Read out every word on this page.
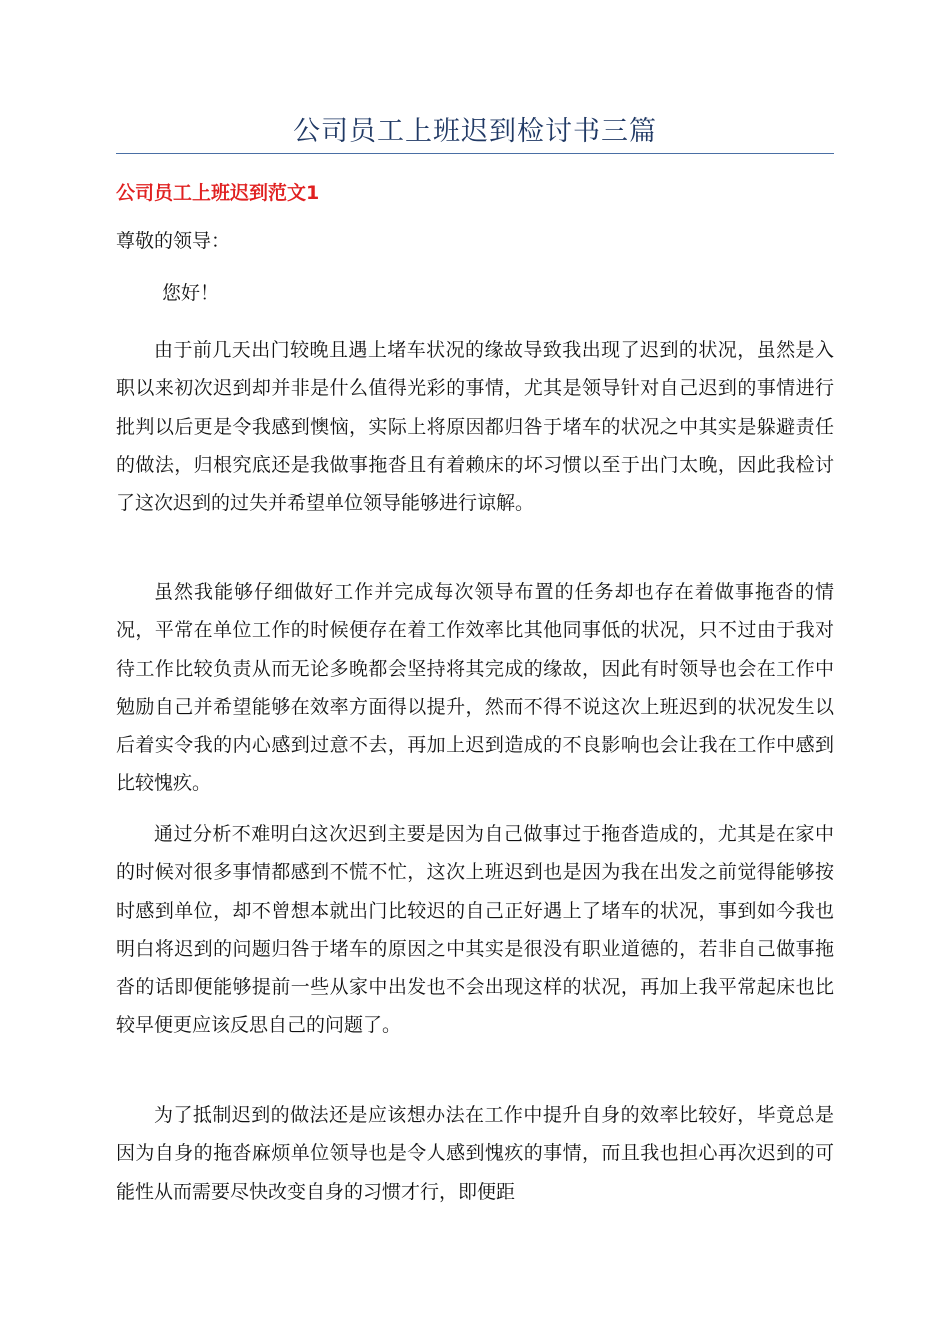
公司员工上班迟到检讨书三篇
公司员工上班迟到范文1
尊敬的领导：
您好！

由于前几天出门较晚且遇上堵车状况的缘故导致我出现了迟到的状况，虽然是入职以来初次迟到却并非是什么值得光彩的事情，尤其是领导针对自己迟到的事情进行批判以后更是令我感到懊恼，实际上将原因都归咎于堵车的状况之中其实是躲避责任的做法，归根究底还是我做事拖沓且有着赖床的坏习惯以至于出门太晚，因此我检讨了这次迟到的过失并希望单位领导能够进行谅解。

虽然我能够仔细做好工作并完成每次领导布置的任务却也存在着做事拖沓的情况，平常在单位工作的时候便存在着工作效率比其他同事低的状况，只不过由于我对待工作比较负责从而无论多晚都会坚持将其完成的缘故，因此有时领导也会在工作中勉励自己并希望能够在效率方面得以提升，然而不得不说这次上班迟到的状况发生以后着实令我的内心感到过意不去，再加上迟到造成的不良影响也会让我在工作中感到比较愧疚。

通过分析不难明白这次迟到主要是因为自己做事过于拖沓造成的，尤其是在家中的时候对很多事情都感到不慌不忙，这次上班迟到也是因为我在出发之前觉得能够按时感到单位，却不曾想本就出门比较迟的自己正好遇上了堵车的状况，事到如今我也明白将迟到的问题归咎于堵车的原因之中其实是很没有职业道德的，若非自己做事拖沓的话即便能够提前一些从家中出发也不会出现这样的状况，再加上我平常起床也比较早便更应该反思自己的问题了。

为了抵制迟到的做法还是应该想办法在工作中提升自身的效率比较好，毕竟总是因为自身的拖沓麻烦单位领导也是令人感到愧疚的事情，而且我也担心再次迟到的可能性从而需要尽快改变自身的习惯才行，即便距
